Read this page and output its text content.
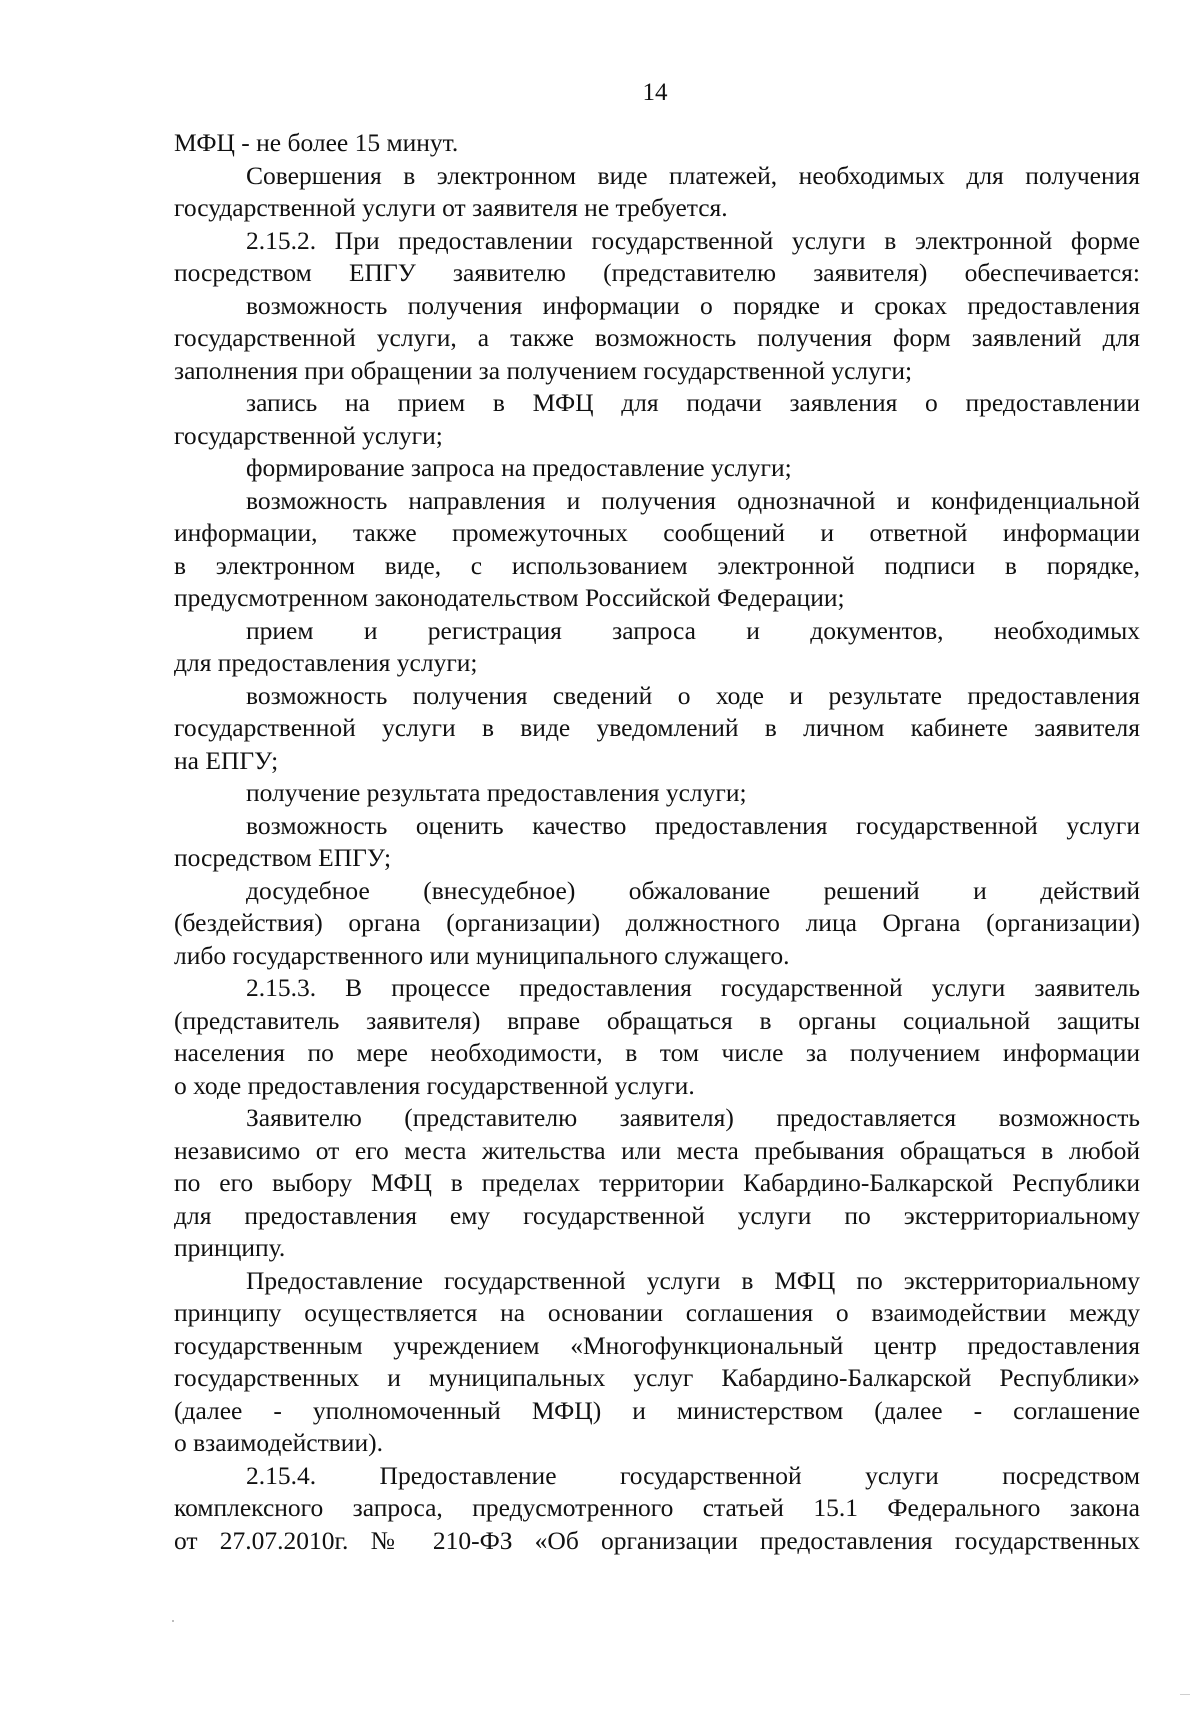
14
МФЦ - не более 15 минут.
Совершения в электронном виде платежей, необходимых для получения
государственной услуги от заявителя не требуется.
2.15.2. При предоставлении государственной услуги в электронной форме
посредством ЕПГУ заявителю (представителю заявителя) обеспечивается:
возможность получения информации о порядке и сроках предоставления
государственной услуги, а также возможность получения форм заявлений для
заполнения при обращении за получением государственной услуги;
запись на прием в МФЦ для подачи заявления о предоставлении
государственной услуги;
формирование запроса на предоставление услуги;
возможность направления и получения однозначной и конфиденциальной
информации, также промежуточных сообщений и ответной информации
в электронном виде, с использованием электронной подписи в порядке,
предусмотренном законодательством Российской Федерации;
прием и регистрация запроса и документов, необходимых
для предоставления услуги;
возможность получения сведений о ходе и результате предоставления
государственной услуги в виде уведомлений в личном кабинете заявителя
на ЕПГУ;
получение результата предоставления услуги;
возможность оценить качество предоставления государственной услуги
посредством ЕПГУ;
досудебное (внесудебное) обжалование решений и действий
(бездействия) органа (организации) должностного лица Органа (организации)
либо государственного или муниципального служащего.
2.15.3. В процессе предоставления государственной услуги заявитель
(представитель заявителя) вправе обращаться в органы социальной защиты
населения по мере необходимости, в том числе за получением информации
о ходе предоставления государственной услуги.
Заявителю (представителю заявителя) предоставляется возможность
независимо от его места жительства или места пребывания обращаться в любой
по его выбору МФЦ в пределах территории Кабардино-Балкарской Республики
для предоставления ему государственной услуги по экстерриториальному
принципу.
Предоставление государственной услуги в МФЦ по экстерриториальному
принципу осуществляется на основании соглашения о взаимодействии между
государственным учреждением «Многофункциональный центр предоставления
государственных и муниципальных услуг Кабардино-Балкарской Республики»
(далее - уполномоченный МФЦ) и министерством (далее - соглашение
о взаимодействии).
2.15.4. Предоставление государственной услуги посредством
комплексного запроса, предусмотренного статьей 15.1 Федерального закона
от 27.07.2010г. № 210-ФЗ «Об организации предоставления государственных
